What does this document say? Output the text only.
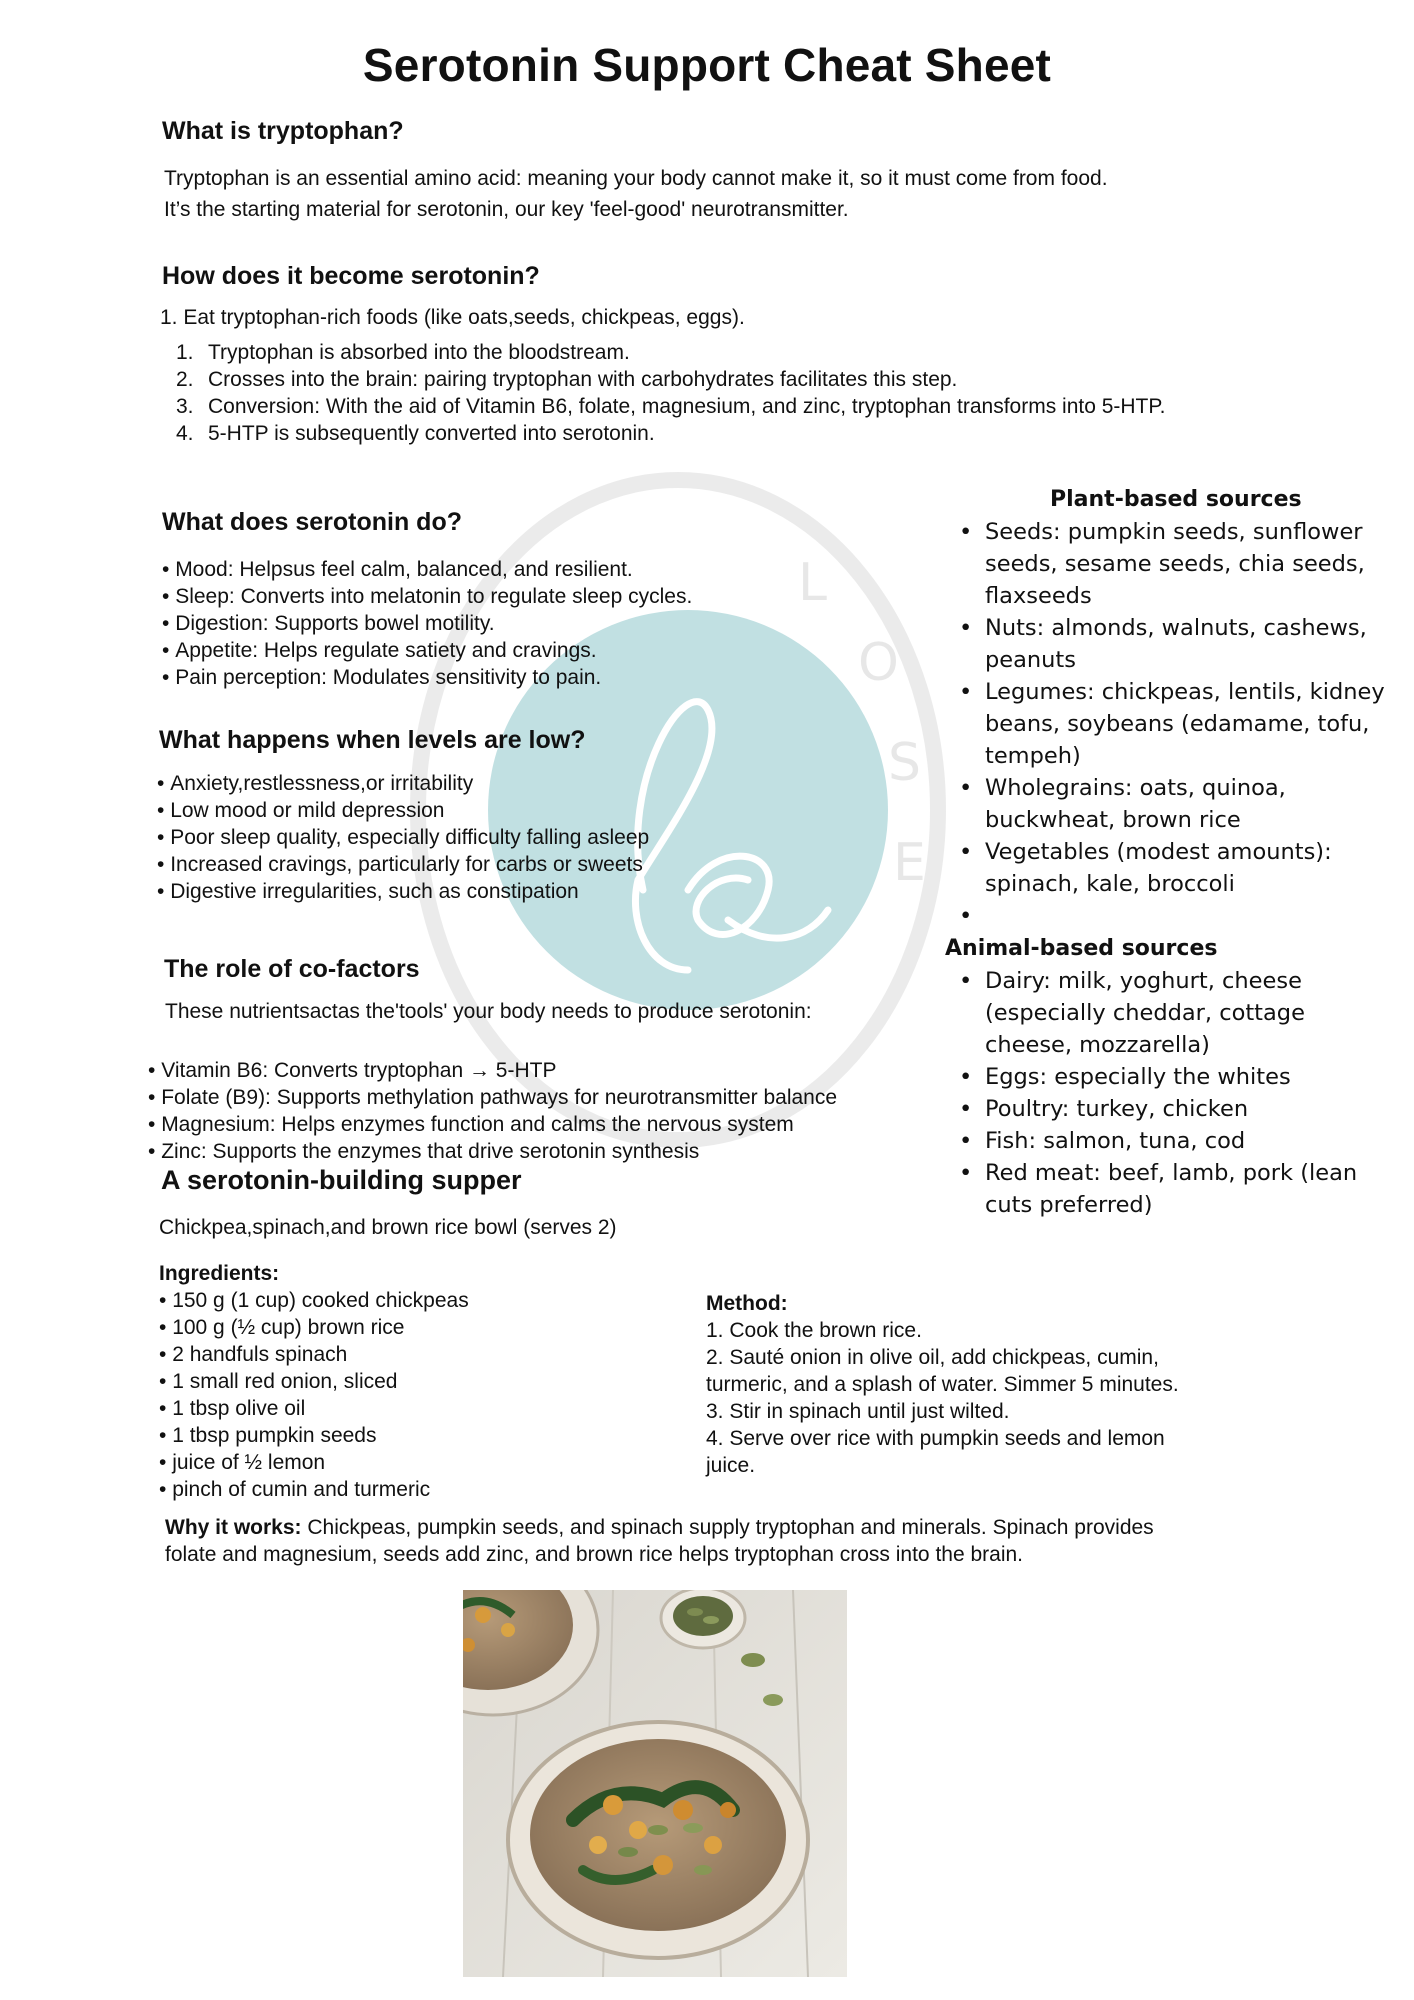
L
O
S
E
Serotonin Support Cheat Sheet
What is tryptophan?

Tryptophan is an essential amino acid: meaning your body cannot make it, so it must come from food.

It’s the starting material for serotonin, our key 'feel-good' neurotransmitter.

How does it become serotonin?

1. Eat tryptophan-rich foods (like oats,seeds, chickpeas, eggs).

1. Tryptophan is absorbed into the bloodstream.
2. Crosses into the brain: pairing tryptophan with carbohydrates facilitates this step.
3. Conversion: With the aid of Vitamin B6, folate, magnesium, and zinc, tryptophan transforms into 5-HTP.
4. 5-HTP is subsequently converted into serotonin.
What does serotonin do?
• Mood: Helpsus feel calm, balanced, and resilient.
• Sleep: Converts into melatonin to regulate sleep cycles.
• Digestion: Supports bowel motility.
• Appetite: Helps regulate satiety and cravings.
• Pain perception: Modulates sensitivity to pain.
What happens when levels are low?
• Anxiety,restlessness,or irritability
• Low mood or mild depression
• Poor sleep quality, especially difficulty falling asleep
• Increased cravings, particularly for carbs or sweets
• Digestive irregularities, such as constipation
The role of co-factors

These nutrientsactas the'tools' your body needs to produce serotonin:

• Vitamin B6: Converts tryptophan → 5-HTP
• Folate (B9): Supports methylation pathways for neurotransmitter balance
• Magnesium: Helps enzymes function and calms the nervous system
• Zinc: Supports the enzymes that drive serotonin synthesis
A serotonin-building supper

Chickpea,spinach,and brown rice bowl (serves 2)

Ingredients:

• 150 g (1 cup) cooked chickpeas
• 100 g (½ cup) brown rice
• 2 handfuls spinach
• 1 small red onion, sliced
• 1 tbsp olive oil
• 1 tbsp pumpkin seeds
• juice of ½ lemon
• pinch of cumin and turmeric

Method:

1. Cook the brown rice.
2. Sauté onion in olive oil, add chickpeas, cumin,
turmeric, and a splash of water. Simmer 5 minutes.
3. Stir in spinach until just wilted.
4. Serve over rice with pumpkin seeds and lemon
juice.
Why it works: Chickpeas, pumpkin seeds, and spinach supply tryptophan and minerals. Spinach provides
folate and magnesium, seeds add zinc, and brown rice helps tryptophan cross into the brain.

Plant-based sources

• Seeds: pumpkin seeds, sunflower seeds, sesame seeds, chia seeds, flaxseeds
• Nuts: almonds, walnuts, cashews, peanuts
• Legumes: chickpeas, lentils, kidney beans, soybeans (edamame, tofu, tempeh)
• Wholegrains: oats, quinoa, buckwheat, brown rice
• Vegetables (modest amounts): spinach, kale, broccoli
•

Animal-based sources

• Dairy: milk, yoghurt, cheese (especially cheddar, cottage cheese, mozzarella)
• Eggs: especially the whites
• Poultry: turkey, chicken
• Fish: salmon, tuna, cod
• Red meat: beef, lamb, pork (lean cuts preferred)
